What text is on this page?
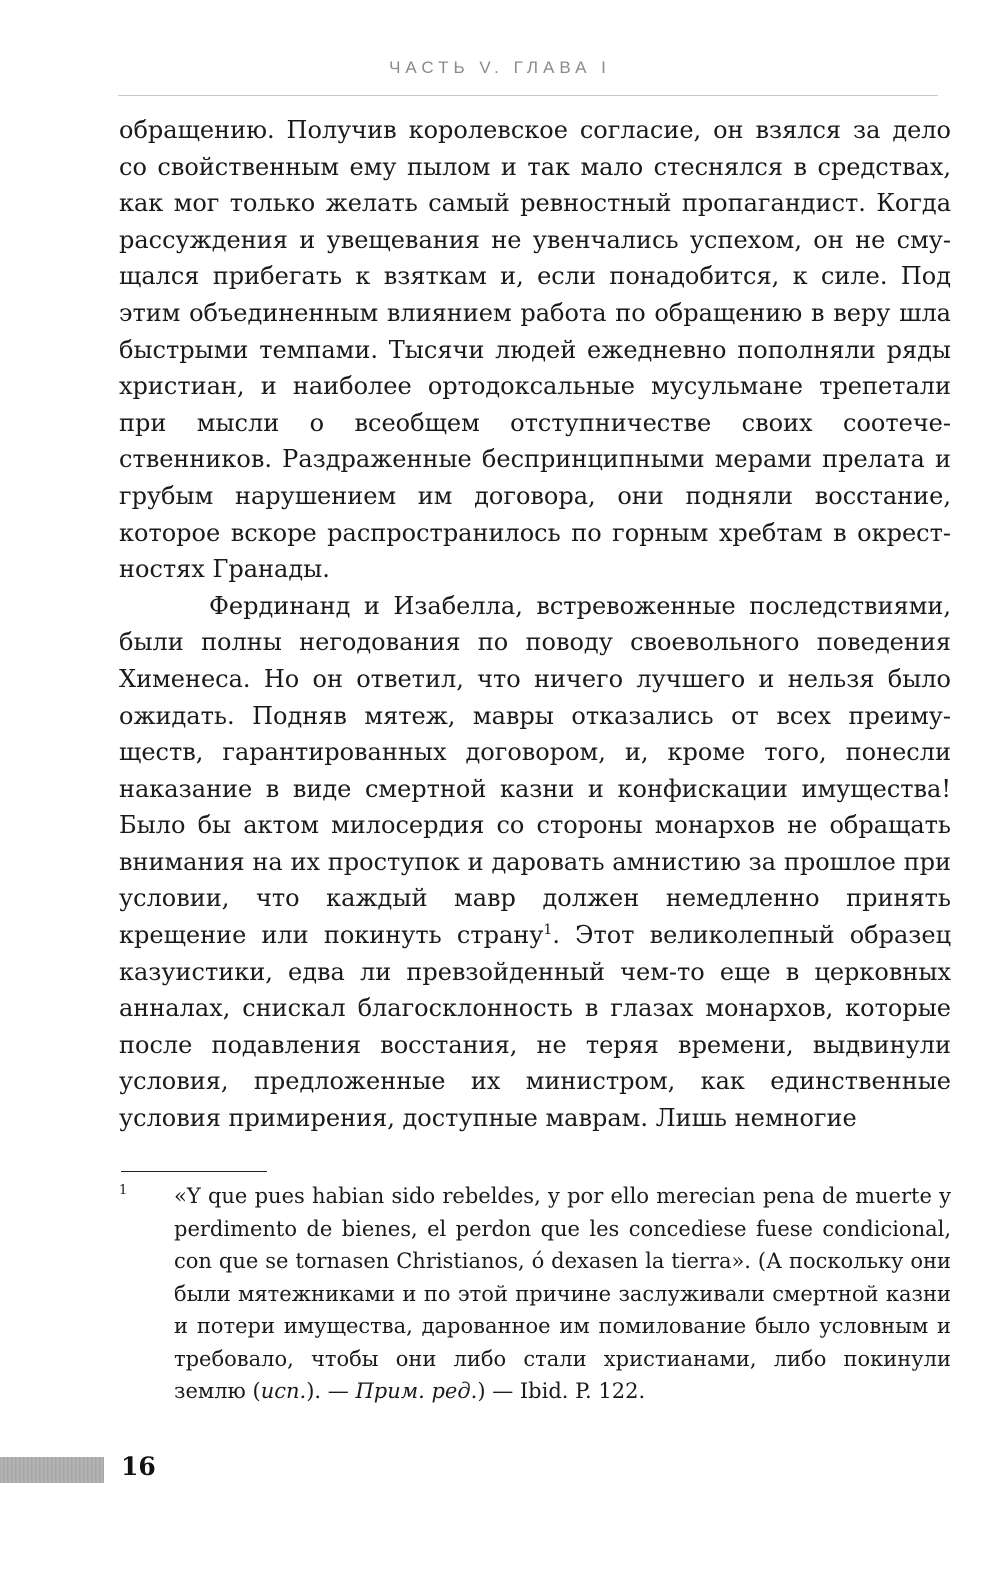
ЧАСТЬ V. ГЛАВА I

обращению. Получив королевское согласие, он взялся за дело со свойственным ему пылом и так мало стеснялся в средствах, как мог только желать самый ревностный пропагандист. Когда рассуждения и увещевания не увенчались успехом, он не смущался прибегать к взяткам и, если понадобится, к силе. Под этим объединенным влиянием работа по обращению в веру шла быстрыми темпами. Тысячи людей ежедневно пополняли ряды христиан, и наиболее ортодоксальные мусульмане трепетали при мысли о всеобщем отступничестве своих соотечественников. Раздраженные беспринципными мерами прелата и грубым нарушением им договора, они подняли восстание, которое вскоре распространилось по горным хребтам в окрестностях Гранады.

Фердинанд и Изабелла, встревоженные последствиями, были полны негодования по поводу своевольного поведения Хименеса. Но он ответил, что ничего лучшего и нельзя было ожидать. Подняв мятеж, мавры отказались от всех преимуществ, гарантированных договором, и, кроме того, понесли наказание в виде смертной казни и конфискации имущества! Было бы актом милосердия со стороны монархов не обращать внимания на их проступок и даровать амнистию за прошлое при условии, что каждый мавр должен немедленно принять крещение или покинуть страну$^1$. Этот великолепный образец казуистики, едва ли превзойденный чем-то еще в церковных анналах, снискал благосклонность в глазах монархов, которые после подавления восстания, не теряя времени, выдвинули условия, предложенные их министром, как единственные условия примирения, доступные маврам. Лишь немногие

1 «Y que pues habian sido rebeldes, y por ello merecian pena de muerte y perdimento de bienes, el perdon que les concediese fuese condicional, con que se tornasen Christianos, ó dexasen la tierra». (А поскольку они были мятежниками и по этой причине заслуживали смертной казни и потери имущества, дарованное им помилование было условным и требовало, чтобы они либо стали христианами, либо покинули землю (исп.). — Прим. ред.) — Ibid. P. 122.
16
